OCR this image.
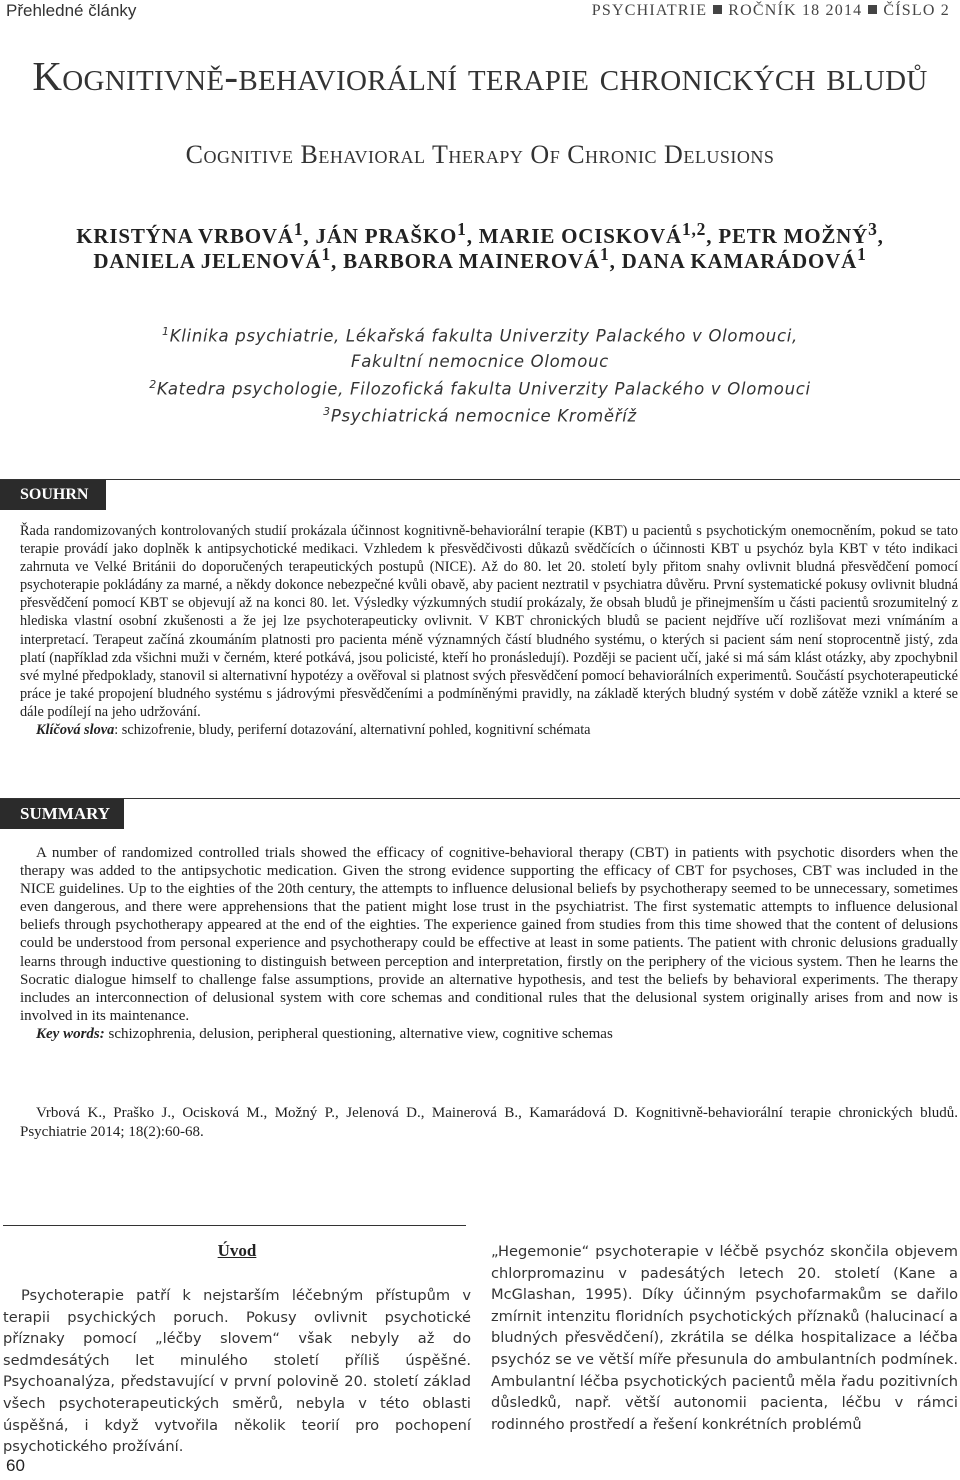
Přehledné články	PSYCHIATRIE ROČNÍK 18 2014 ČÍSLO 2
Kognitivně-behaviorální terapie chronických bludů
Cognitive Behavioral Therapy Of Chronic Delusions
KRISTÝNA VRBOVÁ$^1$, JÁN PRAŠKO$^1$, MARIE OCISKOVÁ$^{1,2}$, PETR MOŽNÝ$^3$,
DANIELA JELENOVÁ$^1$, BARBORA MAINEROVÁ$^1$, DANA KAMARÁDOVÁ$^1$
$^1$Klinika psychiatrie, Lékařská fakulta Univerzity Palackého v Olomouci,
Fakultní nemocnice Olomouc
$^2$Katedra psychologie, Filozofická fakulta Univerzity Palackého v Olomouci
$^3$Psychiatrická nemocnice Kroměříž
SOUHRN
Řada randomizovaných kontrolovaných studií prokázala účinnost kognitivně-behaviorální terapie (KBT) u pacientů s psychotickým onemocněním, pokud se tato terapie provádí jako doplněk k antipsychotické medikaci. Vzhledem k přesvědčivosti důkazů svědčících o účinnosti KBT u psychóz byla KBT v této indikaci zahrnuta ve Velké Británii do doporučených terapeutických postupů (NICE). Až do 80. let 20. století byly přitom snahy ovlivnit bludná přesvědčení pomocí psychoterapie pokládány za marné, a někdy dokonce nebezpečné kvůli obavě, aby pacient neztratil v psychiatra důvěru. První systematické pokusy ovlivnit bludná přesvědčení pomocí KBT se objevují až na konci 80. let. Výsledky výzkumných studií prokázaly, že obsah bludů je přinejmenším u části pacientů srozumitelný z hlediska vlastní osobní zkušenosti a že jej lze psychoterapeuticky ovlivnit. V KBT chronických bludů se pacient nejdříve učí rozlišovat mezi vnímáním a interpretací. Terapeut začíná zkoumáním platnosti pro pacienta méně významných částí bludného systému, o kterých si pacient sám není stoprocentně jistý, zda platí (například zda všichni muži v černém, které potkává, jsou policisté, kteří ho pronásledují). Později se pacient učí, jaké si má sám klást otázky, aby zpochybnil své mylné předpoklady, stanovil si alternativní hypotézy a ověřoval si platnost svých přesvědčení pomocí behaviorálních experimentů. Součástí psychoterapeutické práce je také propojení bludného systému s jádrovými přesvědčeními a podmíněnými pravidly, na základě kterých bludný systém v době zátěže vznikl a které se dále podílejí na jeho udržování.
Klíčová slova: schizofrenie, bludy, periferní dotazování, alternativní pohled, kognitivní schémata
SUMMARY
A number of randomized controlled trials showed the efficacy of cognitive-behavioral therapy (CBT) in patients with psychotic disorders when the therapy was added to the antipsychotic medication. Given the strong evidence supporting the efficacy of CBT for psychoses, CBT was included in the NICE guidelines. Up to the eighties of the 20th century, the attempts to influence delusional beliefs by psychotherapy seemed to be unnecessary, sometimes even dangerous, and there were apprehensions that the patient might lose trust in the psychiatrist. The first systematic attempts to influence delusional beliefs through psychotherapy appeared at the end of the eighties. The experience gained from studies from this time showed that the content of delusions could be understood from personal experience and psychotherapy could be effective at least in some patients. The patient with chronic delusions gradually learns through inductive questioning to distinguish between perception and interpretation, firstly on the periphery of the vicious system. Then he learns the Socratic dialogue himself to challenge false assumptions, provide an alternative hypothesis, and test the beliefs by behavioral experiments. The therapy includes an interconnection of delusional system with core schemas and conditional rules that the delusional system originally arises from and now is involved in its maintenance.
Key words: schizophrenia, delusion, peripheral questioning, alternative view, cognitive schemas
Vrbová K., Praško J., Ocisková M., Možný P., Jelenová D., Mainerová B., Kamarádová D. Kognitivně-behaviorální terapie chronických bludů. Psychiatrie 2014; 18(2):60-68.
Úvod
Psychoterapie patří k nejstarším léčebným přístupům v terapii psychických poruch. Pokusy ovlivnit psychotické příznaky pomocí „léčby slovem“ však nebyly až do sedmdesátých let minulého století příliš úspěšné. Psychoanalýza, představující v první polovině 20. století základ všech psychoterapeutických směrů, nebyla v této oblasti úspěšná, i když vytvořila několik teorií pro pochopení psychotického prožívání.
„Hegemonie“ psychoterapie v léčbě psychóz skončila objevem chlorpromazinu v padesátých letech 20. století (Kane a McGlashan, 1995). Díky účinným psychofarmakům se dařilo zmírnit intenzitu floridních psychotických příznaků (halucinací a bludných přesvědčení), zkrátila se délka hospitalizace a léčba psychóz se ve větší míře přesunula do ambulantních podmínek. Ambulantní léčba psychotických pacientů měla řadu pozitivních důsledků, např. větší autonomii pacienta, léčbu v rámci rodinného prostředí a řešení konkrétních problémů
60
